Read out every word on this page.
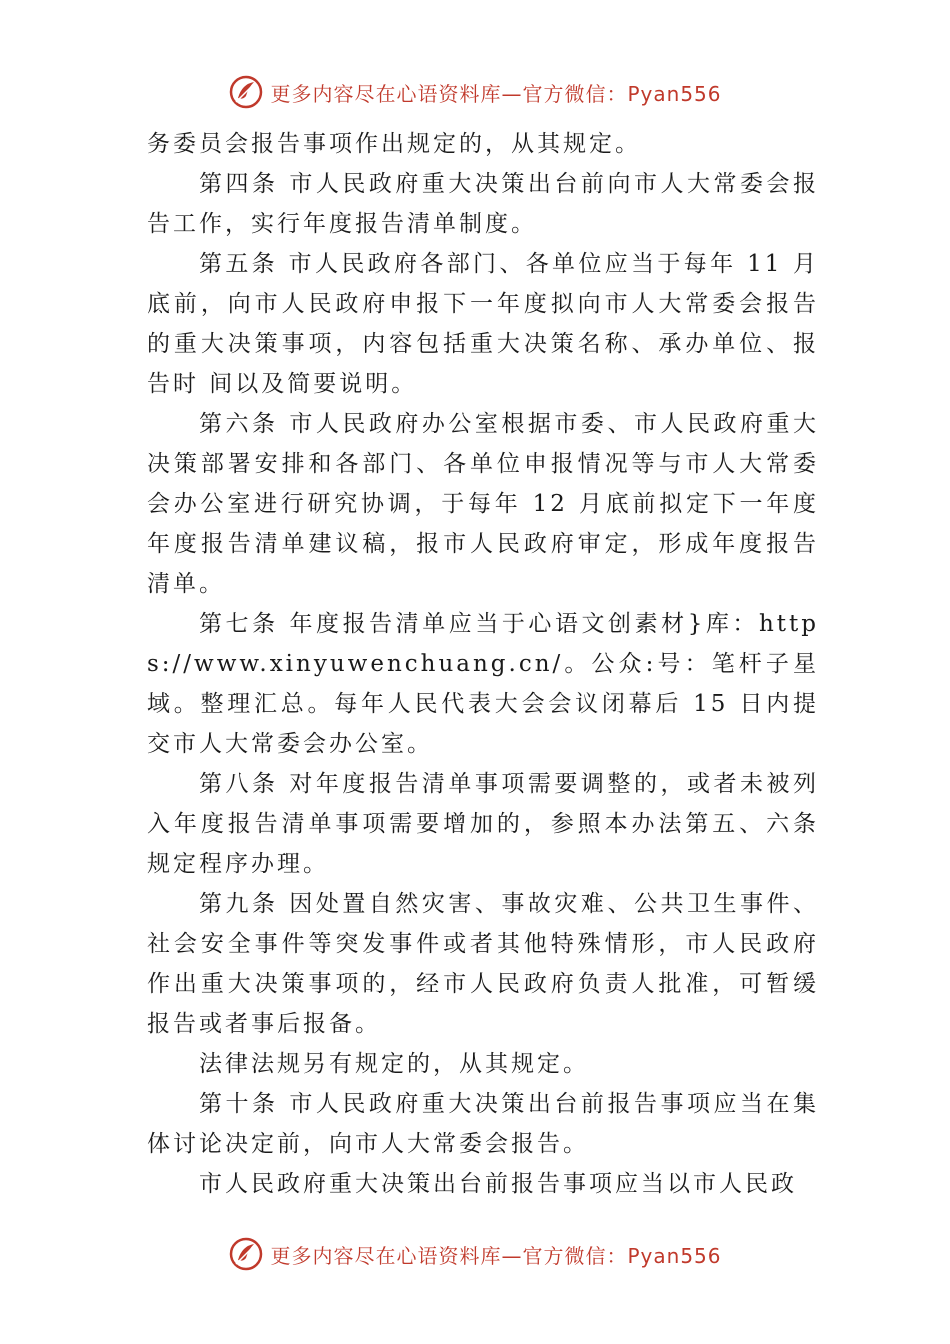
更多内容尽在心语资料库—官方微信：Pyan556

务委员会报告事项作出规定的，从其规定。

第四条 市人民政府重大决策出台前向市人大常委会报告工作，实行年度报告清单制度。

第五条 市人民政府各部门、各单位应当于每年 11 月底前，向市人民政府申报下一年度拟向市人大常委会报告的重大决策事项，内容包括重大决策名称、承办单位、报告时 间以及简要说明。

第六条 市人民政府办公室根据市委、市人民政府重大决策部署安排和各部门、各单位申报情况等与市人大常委会办公室进行研究协调，于每年 12 月底前拟定下一年度年度报告清单建议稿，报市人民政府审定，形成年度报告清单。

第七条 年度报告清单应当于心语文创素材}库：https://www.xinyuwenchuang.cn/。公众:号：笔杆子星域。整理汇总。每年人民代表大会会议闭幕后 15 日内提交市人大常委会办公室。

第八条 对年度报告清单事项需要调整的，或者未被列入年度报告清单事项需要增加的，参照本办法第五、六条规定程序办理。

第九条 因处置自然灾害、事故灾难、公共卫生事件、社会安全事件等突发事件或者其他特殊情形，市人民政府作出重大决策事项的，经市人民政府负责人批准，可暂缓报告或者事后报备。

法律法规另有规定的，从其规定。

第十条 市人民政府重大决策出台前报告事项应当在集体讨论决定前，向市人大常委会报告。

市人民政府重大决策出台前报告事项应当以市人民政

更多内容尽在心语资料库—官方微信：Pyan556
